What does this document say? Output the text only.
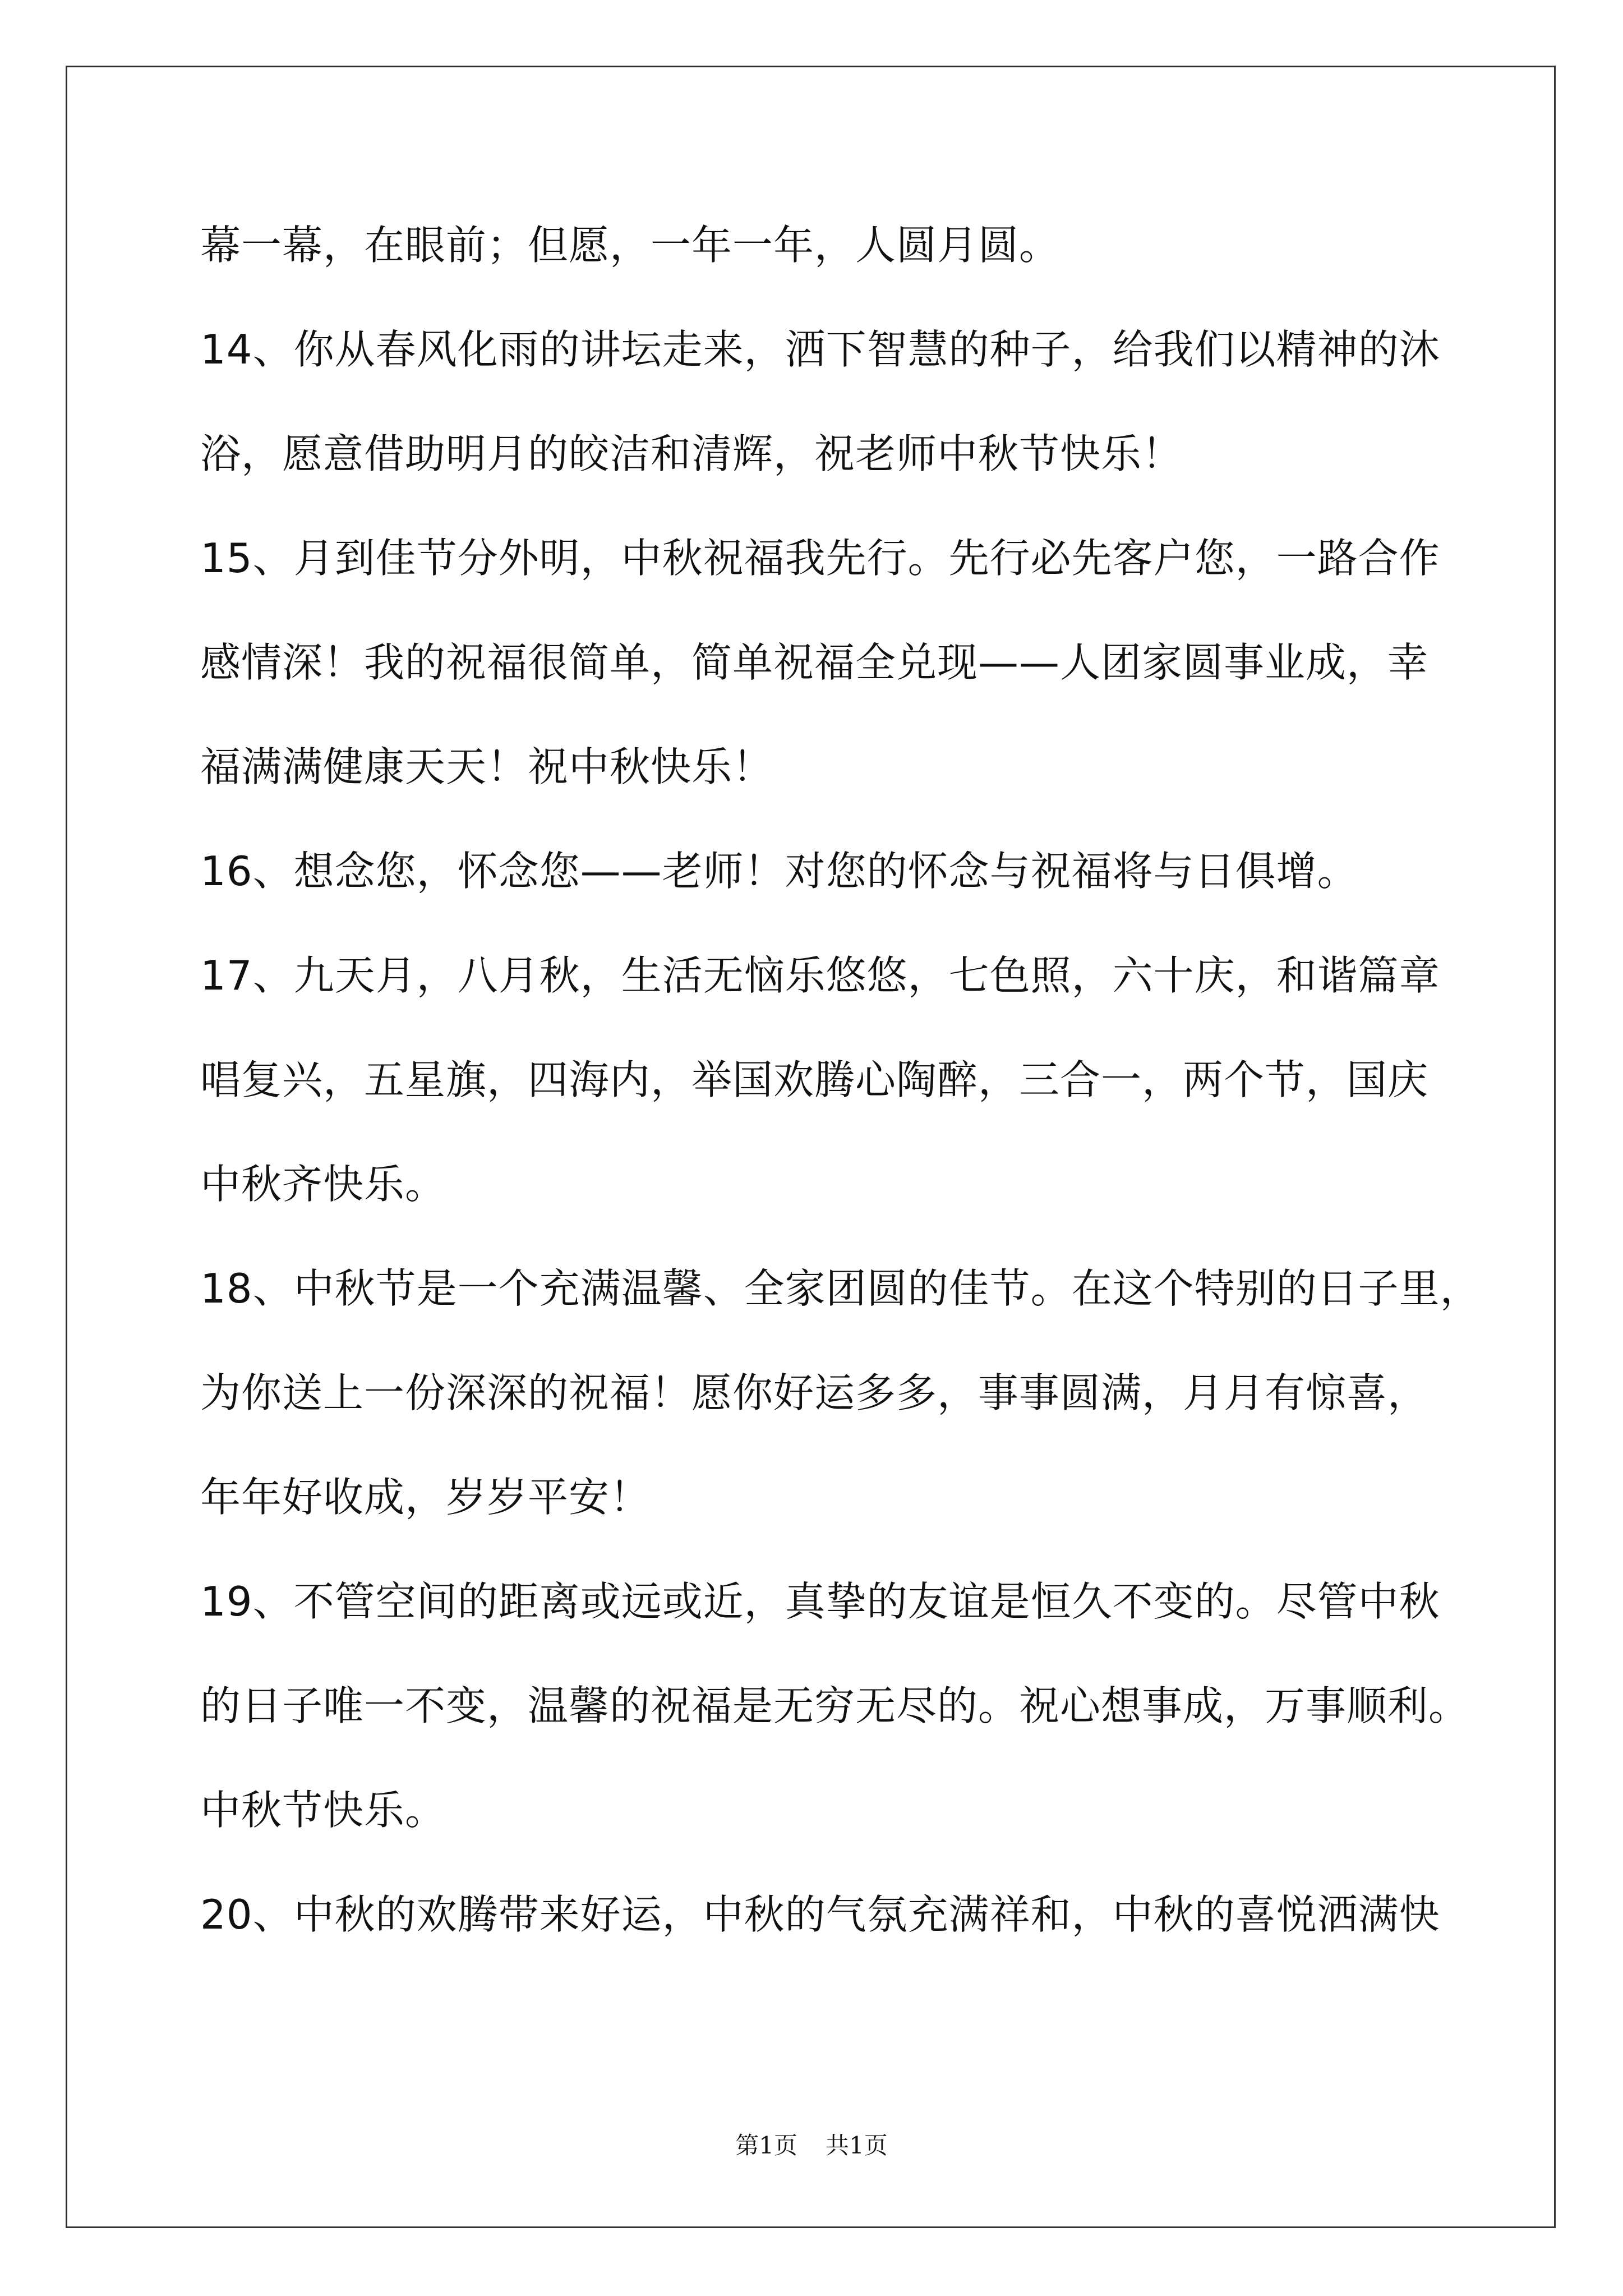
幕一幕，在眼前；但愿，一年一年，人圆月圆。
14、你从春风化雨的讲坛走来，洒下智慧的种子，给我们以精神的沐
浴，愿意借助明月的皎洁和清辉，祝老师中秋节快乐！
15、月到佳节分外明，中秋祝福我先行。先行必先客户您，一路合作
感情深！我的祝福很简单，简单祝福全兑现——人团家圆事业成，幸
福满满健康天天！祝中秋快乐！
16、想念您，怀念您——老师！对您的怀念与祝福将与日俱增。
17、九天月，八月秋，生活无恼乐悠悠，七色照，六十庆，和谐篇章
唱复兴，五星旗，四海内，举国欢腾心陶醉，三合一，两个节，国庆
中秋齐快乐。
18、中秋节是一个充满温馨、全家团圆的佳节。在这个特别的日子里，
为你送上一份深深的祝福！愿你好运多多，事事圆满，月月有惊喜，
年年好收成，岁岁平安！
19、不管空间的距离或远或近，真挚的友谊是恒久不变的。尽管中秋
的日子唯一不变，温馨的祝福是无穷无尽的。祝心想事成，万事顺利。
中秋节快乐。
20、中秋的欢腾带来好运，中秋的气氛充满祥和，中秋的喜悦洒满快
第1页 共1页
